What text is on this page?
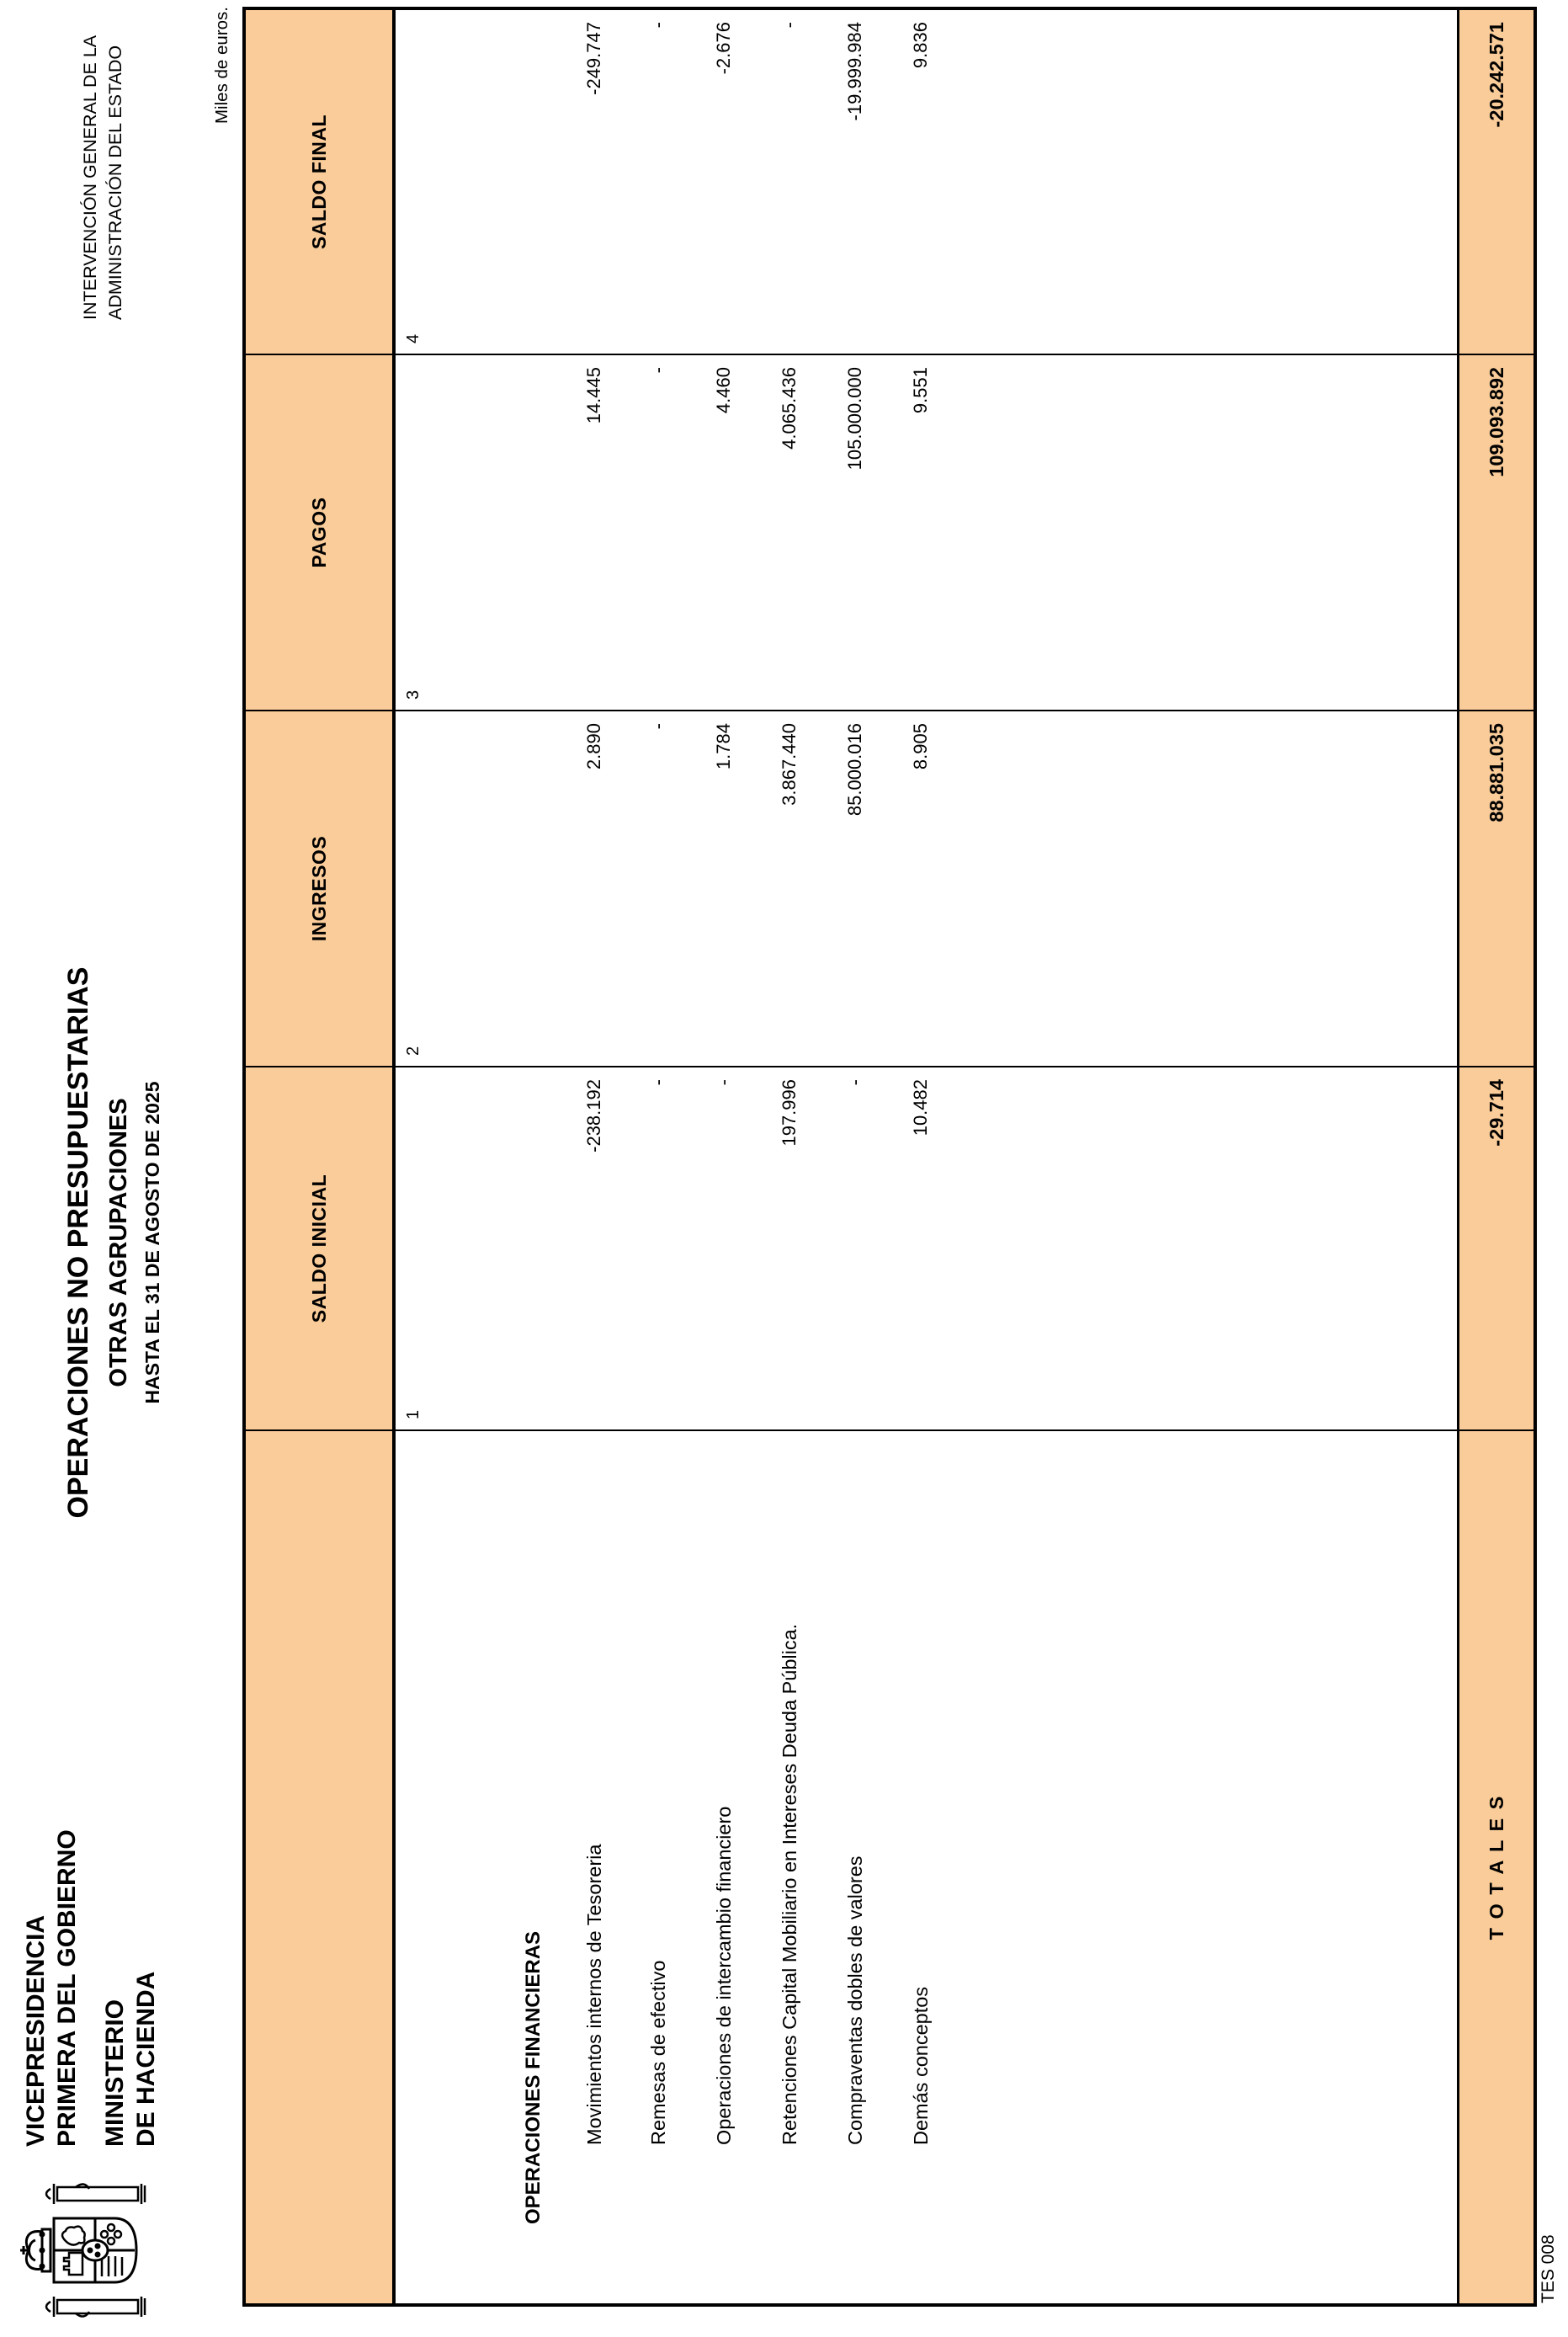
VICEPRESIDENCIA PRIMERA DEL GOBIERNO MINISTERIO DE HACIENDA
OPERACIONES NO PRESUPUESTARIAS OTRAS AGRUPACIONES HASTA EL 31 DE AGOSTO DE 2025
INTERVENCIÓN GENERAL DE LA ADMINISTRACIÓN DEL ESTADO	Miles de euros.
SALDO INICIAL
INGRESOS
PAGOS
SALDO FINAL
OPERACIONES FINANCIERAS Movimientos internos de Tesoreria Remesas de efectivo Operaciones de intercambio financiero Retenciones Capital Mobiliario en Intereses Deuda Pública. Compraventas dobles de valores Demás conceptos
1
-238.192 - - 197.996 - 10.482
2
2.890 - 1.784 3.867.440 85.000.016 8.905
3
14.445 - 4.460 4.065.436 105.000.000 9.551
4
-249.747 - -2.676 - -19.999.984 9.836
T O T A L E S
-29.714
88.881.035
109.093.892
-20.242.571
TES 008
